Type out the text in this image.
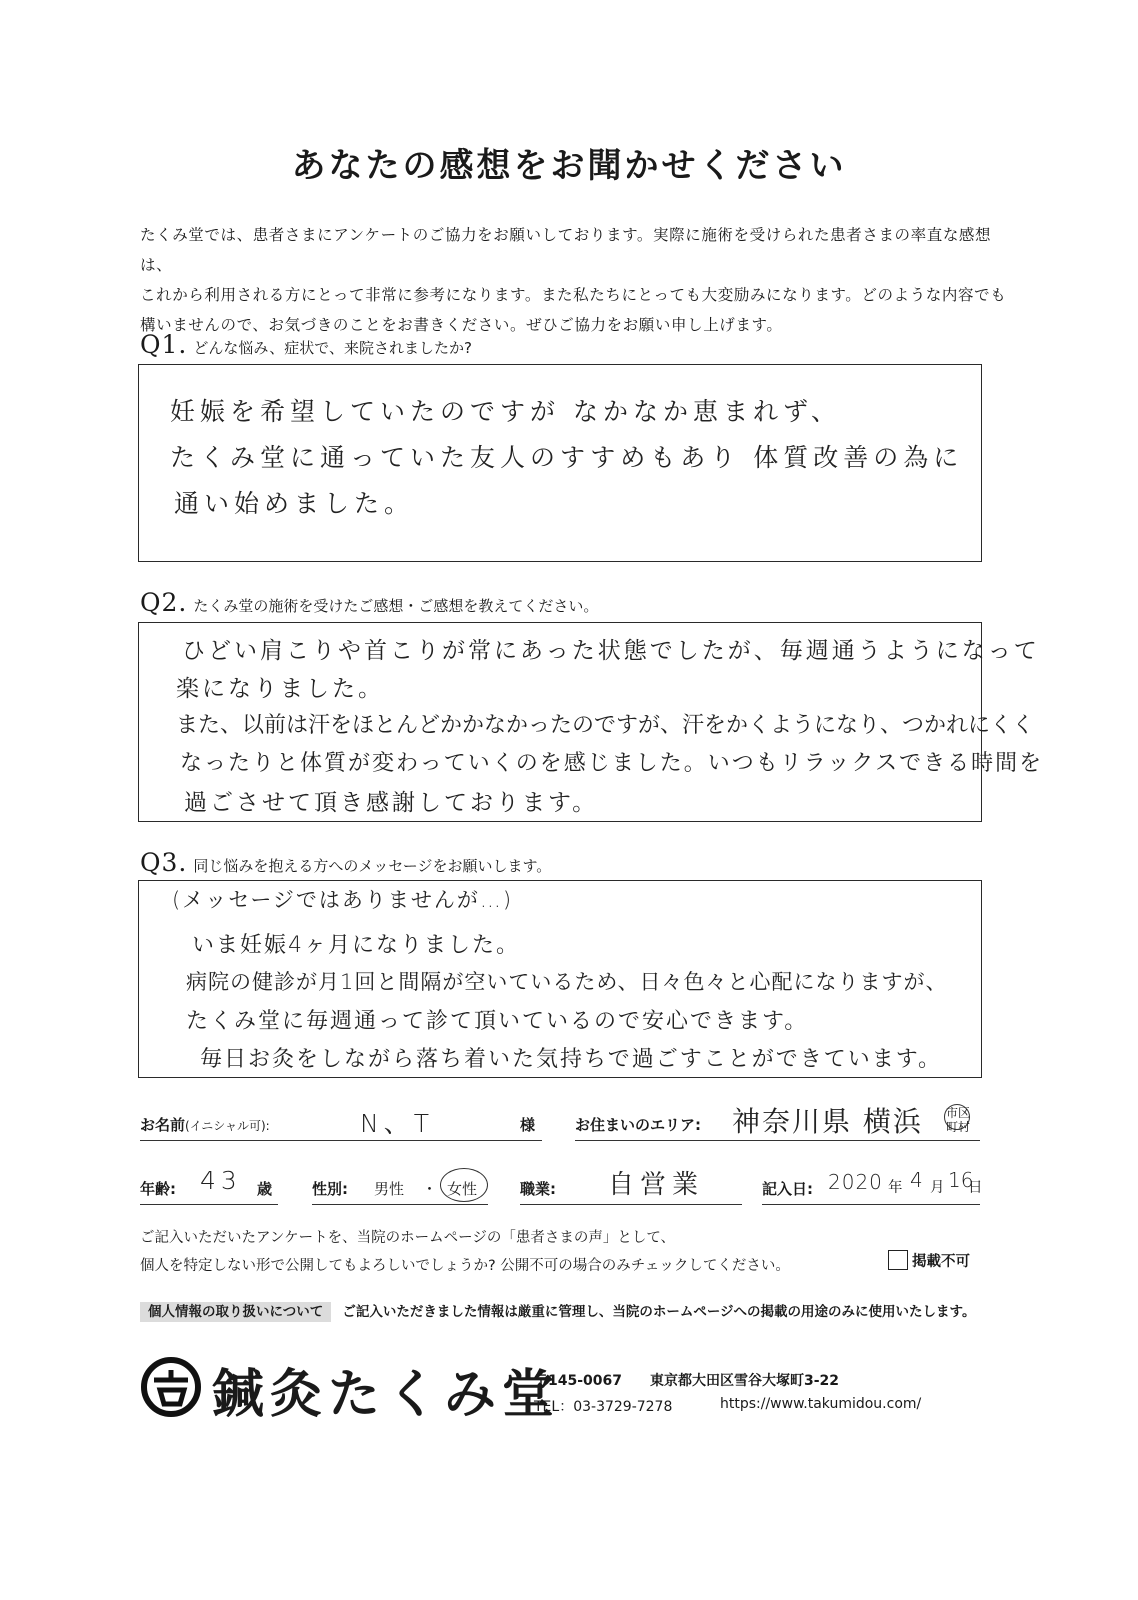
あなたの感想をお聞かせください
たくみ堂では、患者さまにアンケートのご協力をお願いしております。実際に施術を受けられた患者さまの率直な感想は、
これから利用される方にとって非常に参考になります。また私たちにとっても大変励みになります。どのような内容でも
構いませんので、お気づきのことをお書きください。ぜひご協力をお願い申し上げます。
Q1. どんな悩み、症状で、来院されましたか?
妊娠を希望していたのですが なかなか恵まれず、
たくみ堂に通っていた友人のすすめもあり 体質改善の為に
通い始めました。
Q2. たくみ堂の施術を受けたご感想・ご感想を教えてください。
ひどい肩こりや首こりが常にあった状態でしたが、毎週通うようになって
楽になりました。
また、以前は汗をほとんどかかなかったのですが、汗をかくようになり、つかれにくく
なったりと体質が変わっていくのを感じました。いつもリラックスできる時間を
過ごさせて頂き感謝しております。
Q3. 同じ悩みを抱える方へのメッセージをお願いします。
(メッセージではありませんが…)
いま妊娠4ヶ月になりました。
病院の健診が月1回と間隔が空いているため、日々色々と心配になりますが、
たくみ堂に毎週通って診て頂いているので安心できます。
毎日お灸をしながら落ち着いた気持ちで過ごすことができています。
お名前(イニシャル可):	N、T	様	お住まいのエリア: 神奈川県 横浜 市区
町村
年齢: 43 歳	性別: 男性 ・ 女性	職業: 自営業	記入日: 2020 年 4 月 16
日
ご記入いただいたアンケートを、当院のホームページの「患者さまの声」として、
個人を特定しない形で公開してもよろしいでしょうか? 公開不可の場合のみチェックしてください。	掲載不可
個人情報の取り扱いについて ご記入いただきました情報は厳重に管理し、当院のホームページへの掲載の用途のみに使用いたします。
鍼灸たくみ堂
〒145-0067 東京都大田区雪谷大塚町3-22
TEL：03-3729-7278	https://www.takumidou.com/
